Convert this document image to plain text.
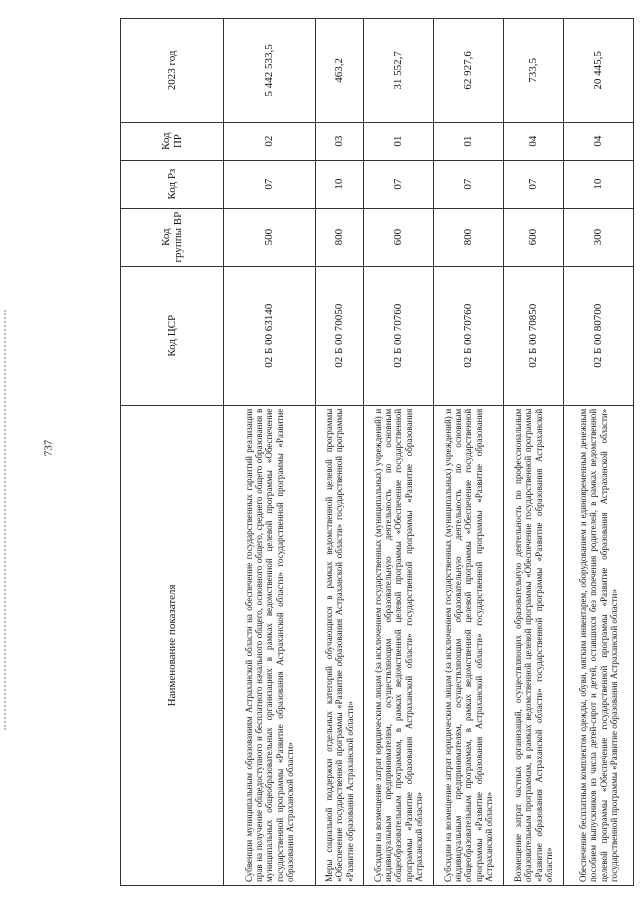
737
Наименование показателя	Код ЦСР	Код группы ВР	Код Рз	Код ПР	2023 год
Субвенции муниципальным образованиям Астраханской области на обеспечение государственных гарантий реализации прав на получение общедоступного и бесплатного начального общего, основного общего, среднего общего образования в муниципальных общеобразовательных организациях в рамках ведомственной целевой программы «Обеспечение государственной программы «Развитие образования Астраханской области» государственной программы «Развитие образования Астраханской области»	02 Б 00 63140	500	07	02	5 442 533,5
Меры социальной поддержки отдельных категорий обучающихся в рамках ведомственной целевой программы «Обеспечение государственной программы «Развитие образования Астраханской области» государственной программы «Развитие образования Астраханской области»	02 Б 00 70050	800	10	03	463,2
Субсидии на возмещение затрат юридическим лицам (за исключением государственных (муниципальных) учреждений) и индивидуальным предпринимателям, осуществляющим образовательную деятельность по основным общеобразовательным программам, в рамках ведомственной целевой программы «Обеспечение государственной программы «Развитие образования Астраханской области» государственной программы «Развитие образования Астраханской области»	02 Б 00 70760	600	07	01	31 552,7
Субсидии на возмещение затрат юридическим лицам (за исключением государственных (муниципальных) учреждений) и индивидуальным предпринимателям, осуществляющим образовательную деятельность по основным общеобразовательным программам, в рамках ведомственной целевой программы «Обеспечение государственной программы «Развитие образования Астраханской области» государственной программы «Развитие образования Астраханской области»	02 Б 00 70760	800	07	01	62 927,6
Возмещение затрат частных организаций, осуществляющих образовательную деятельность по профессиональным образовательным программам, в рамках ведомственной целевой программы «Обеспечение государственной программы «Развитие образования Астраханской области» государственной программы «Развитие образования Астраханской области»	02 Б 00 70850	600	07	04	733,5
Обеспечение бесплатным комплектом одежды, обуви, мягким инвентарем, оборудованием и единовременным денежным пособием выпускников из числа детей-сирот и детей, оставшихся без попечения родителей, в рамках ведомственной целевой программы «Обеспечение государственной программы «Развитие образования Астраханской области» государственной программы «Развитие образования Астраханской области»	02 Б 00 80700	300	10	04	20 445,5
